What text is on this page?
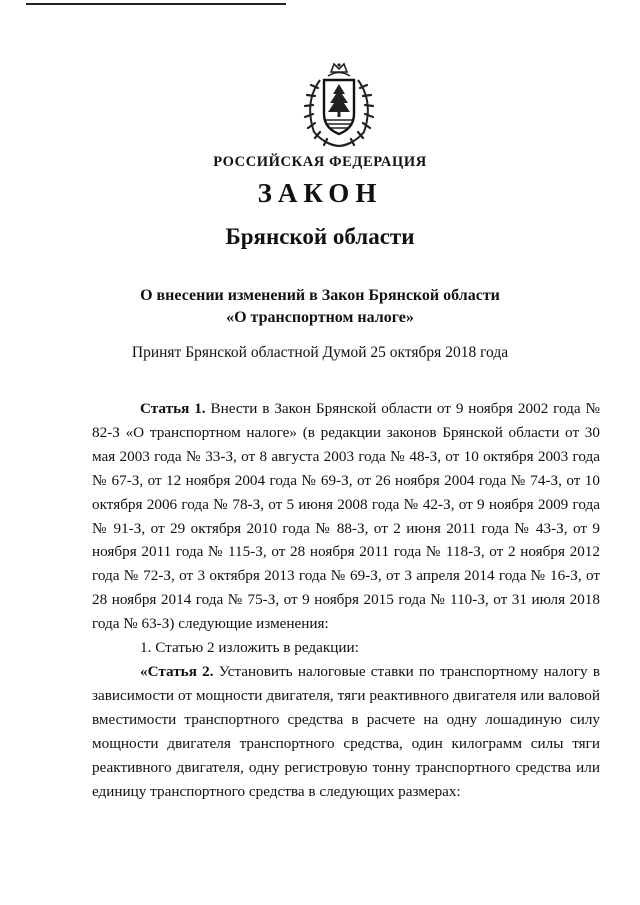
РОССИЙСКАЯ ФЕДЕРАЦИЯ
ЗАКОН
Брянской области
О внесении изменений в Закон Брянской области
«О транспортном налоге»
Принят Брянской областной Думой 25 октября 2018 года

Статья 1. Внести в Закон Брянской области от 9 ноября 2002 года № 82-З «О транспортном налоге» (в редакции законов Брянской области от 30 мая 2003 года № 33-З, от 8 августа 2003 года № 48-З, от 10 октября 2003 года № 67-З, от 12 ноября 2004 года № 69-З, от 26 ноября 2004 года № 74-З, от 10 октября 2006 года № 78-З, от 5 июня 2008 года № 42-З, от 9 ноября 2009 года № 91-З, от 29 октября 2010 года № 88-З, от 2 июня 2011 года № 43-З, от 9 ноября 2011 года № 115-З, от 28 ноября 2011 года № 118-З, от 2 ноября 2012 года № 72-З, от 3 октября 2013 года № 69-З, от 3 апреля 2014 года № 16-З, от 28 ноября 2014 года № 75-З, от 9 ноября 2015 года № 110-З, от 31 июля 2018 года № 63-З) следующие изменения:

1. Статью 2 изложить в редакции:

«Статья 2. Установить налоговые ставки по транспортному налогу в зависимости от мощности двигателя, тяги реактивного двигателя или валовой вместимости транспортного средства в расчете на одну лошадиную силу мощности двигателя транспортного средства, один килограмм силы тяги реактивного двигателя, одну регистровую тонну транспортного средства или единицу транспортного средства в следующих размерах:
